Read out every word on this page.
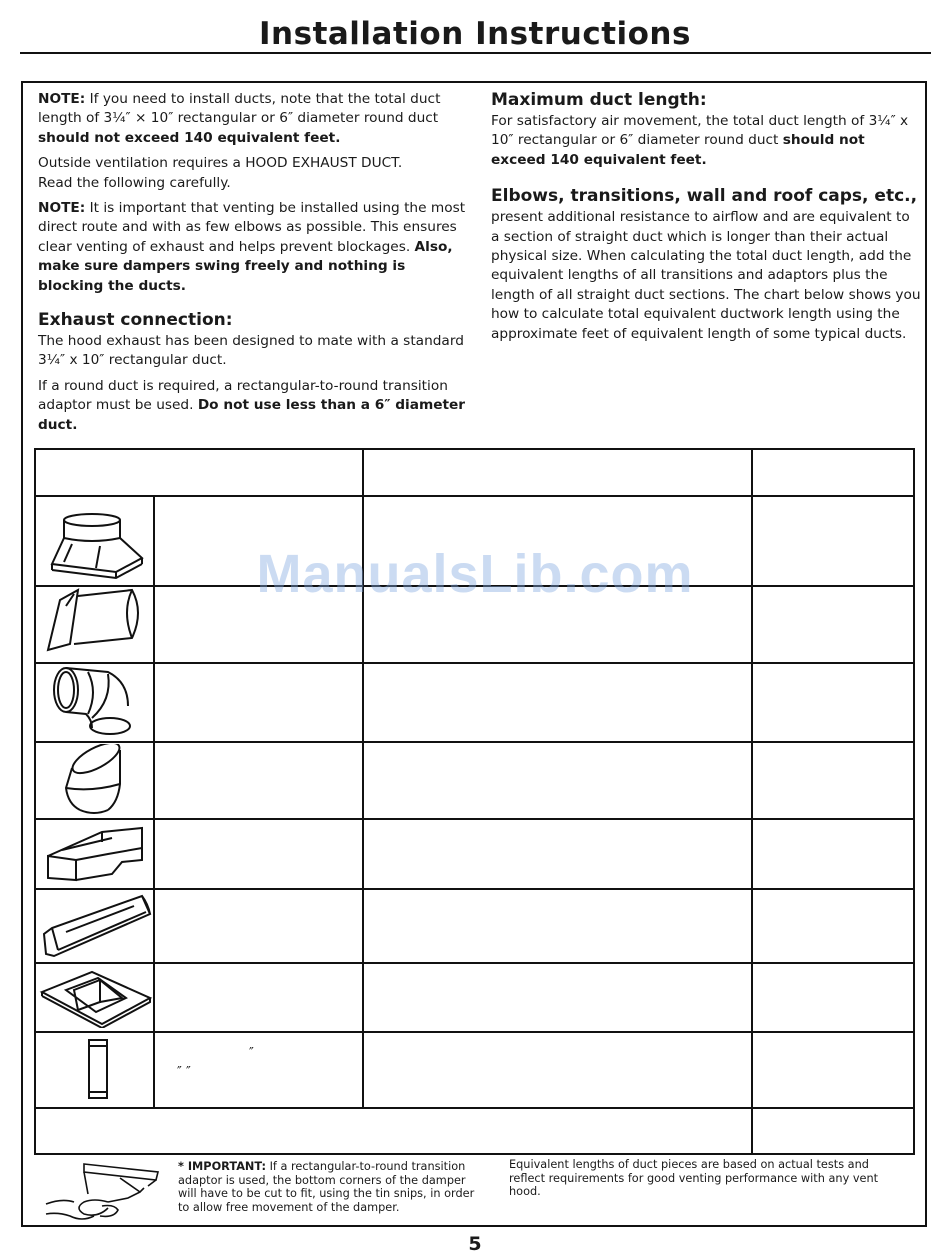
Installation Instructions

NOTE: If you need to install ducts, note that the total duct length of 3¼″ × 10″ rectangular or 6″ diameter round duct should not exceed 140 equivalent feet.

Outside ventilation requires a HOOD EXHAUST DUCT.
Read the following carefully.

NOTE: It is important that venting be installed using the most direct route and with as few elbows as possible. This ensures clear venting of exhaust and helps prevent blockages. Also, make sure dampers swing freely and nothing is blocking the ducts.

Exhaust connection:

The hood exhaust has been designed to mate with a standard 3¼″ x 10″ rectangular duct.

If a round duct is required, a rectangular-to-round transition adaptor must be used. Do not use less than a 6″ diameter duct.

Maximum duct length:

For satisfactory air movement, the total duct length of 3¼″ x 10″ rectangular or 6″ diameter round duct should not exceed 140 equivalent feet.

Elbows, transitions, wall and roof caps, etc.,

present additional resistance to airflow and are equivalent to a section of straight duct which is longer than their actual physical size. When calculating the total duct length, add the equivalent lengths of all transitions and adaptors plus the length of all straight duct sections. The chart below shows you how to calculate total equivalent ductwork length using the approximate feet of equivalent length of some typical ducts.

″
″ ″
ManualsLib.com
* IMPORTANT: If a rectangular-to-round transition adaptor is used, the bottom corners of the damper will have to be cut to fit, using the tin snips, in order to allow free movement of the damper.
Equivalent lengths of duct pieces are based on actual tests and reflect requirements for good venting performance with any vent hood.
5
